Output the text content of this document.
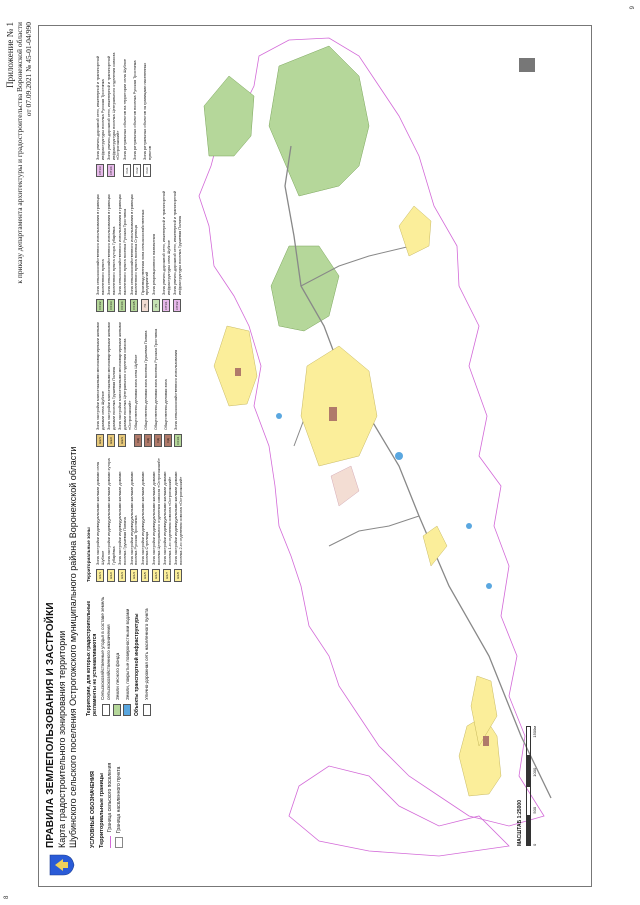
8
9
Приложение № 1 к приказу департамента архитектуры и градостроительства Воронежской области от 07.09.2021 № 45-01-04/990
ПРАВИЛА ЗЕМЛЕПОЛЬЗОВАНИЯ И ЗАСТРОЙКИ Карта градостроительного зонирования территории Шубинского сельского поселения Острогожского муниципального района Воронежской области УСЛОВНЫЕ ОБОЗНАЧЕНИЯ Территориальные границы Граница сельского поселения Граница населенного пункта
Территории, для которых градостроительные регламенты не устанавливаются Сельскохозяйственные угодья в составе земель сельскохозяйственного назначения Земли лесного фонда Земли, покрытые поверхностными водами Объекты транспортной инфраструктуры Улично-дорожная сеть населенного пункта
Территориальные зоны	Ж1/1
Зона застройки индивидуальными жилыми домами села Шубное
Ж1/2
Зона застройки индивидуальными жилыми домами хутора Губарёвка
Ж1/3
Зона застройки индивидуальными жилыми домами поселка Грушевая Поляна
Ж1/4
Зона застройки индивидуальными жилыми домами поселка Русская Тростянка
Ж1/5
Зона застройки индивидуальными жилыми домами поселка Стрелица
Ж1/6
Зона застройки индивидуальными жилыми домами поселка Центрального отделения совхоза «Острогожский»
Ж1/7
Зона застройки индивидуальными жилыми домами поселка 1-го отделения совхоза «Острогожский»
Ж1/8
Зона застройки индивидуальными жилыми домами поселка 2-го отделения совхоза «Острогожский»
Ж2/1
Зона застройки малоэтажными многоквартирными жилыми домами села Шубное
Ж2/2
Зона застройки малоэтажными многоквартирными жилыми домами поселка Грушевая Поляна
Ж2/3
Зона застройки малоэтажными многоквартирными жилыми домами поселка Центрального отделения совхоза «Острогожский»
ОД
Общественно-деловая зона села Шубное
ОД
Общественно-деловая зона поселка Грушевая Поляна
ОД
Общественно-деловая зона поселка Русская Тростянка
ОД
Общественно-деловая зона
СХ1/1
Зона сельскохозяйственного использования
СХ1/2
Зона сельскохозяйственного использования в границах населенного пункта
СХ1/3
Зона сельскохозяйственного использования в границах населенного пункта хутора Губарёвка
СХ1/4
Зона сельскохозяйственного использования в границах населенного пункта поселка Русская Тростянка
СХ1/5
Зона сельскохозяйственного использования в границах населенного пункта поселка Стрелица
П1
Производственная зона сельскохозяйственных предприятий
Р1
Зона рекреационного назначения
ИТ1/1
Зона улично-дорожной сети, инженерной и транспортной инфраструктуры села Шубное
ИТ1/2
Зона улично-дорожной сети, инженерной и транспортной инфраструктуры поселка Грушевая Поляна
ИТ1/3
Зона улично-дорожной сети, инженерной и транспортной инфраструктуры поселка Русская Тростянка
ИТ1/4
Зона улично-дорожной сети, инженерной и транспортной инфраструктуры поселка Центрального отделения совхоза «Острогожский»
СН1
Зона ритуальных объектов на территории села Шубное
СН2
Зона ритуальных объектов поселка Русская Тростянка
СН3
Зона ритуальных объектов за границами населенных пунктов
МАСШТАБ 1:25000 0
500
1000
1500м
